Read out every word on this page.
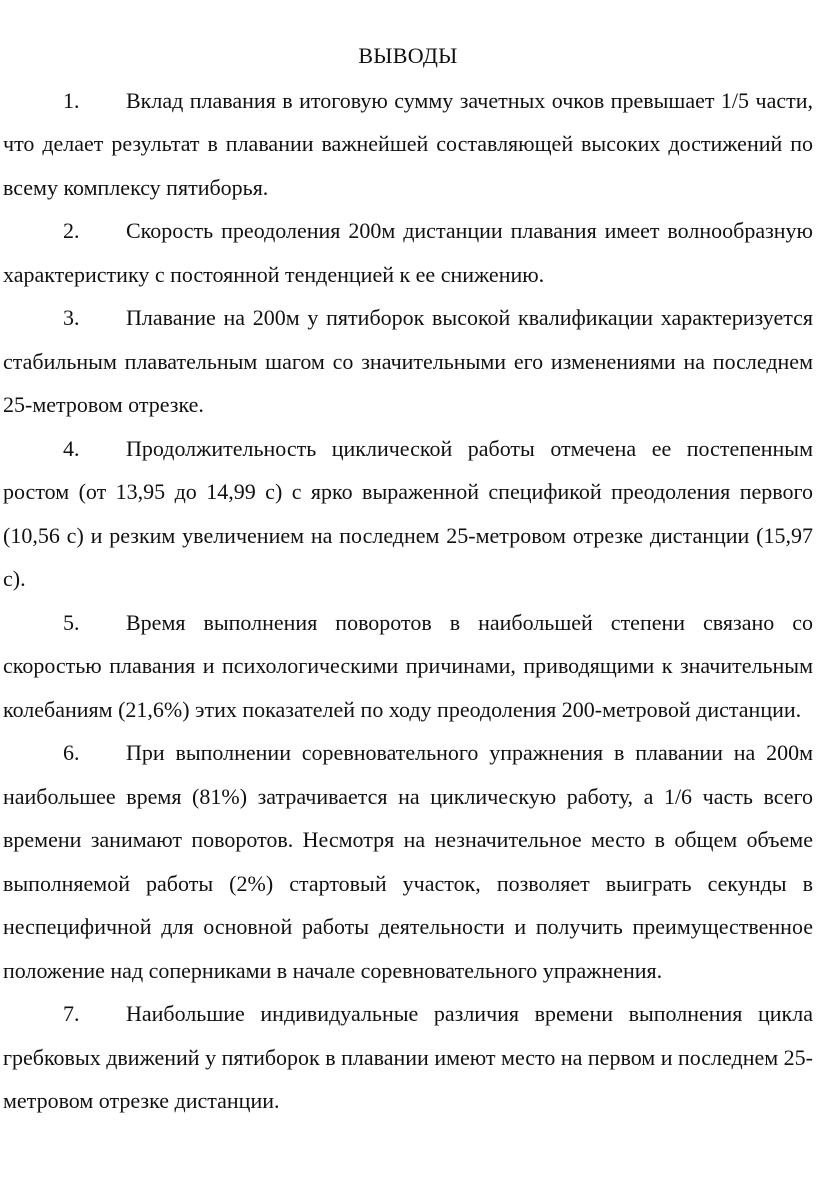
ВЫВОДЫ

1. Вклад плавания в итоговую сумму зачетных очков превышает 1/5 части, что делает результат в плавании важнейшей составляющей высоких достижений по всему комплексу пятиборья.

2. Скорость преодоления 200м дистанции плавания имеет волнообразную характеристику с постоянной тенденцией к ее снижению.

3. Плавание на 200м у пятиборок высокой квалификации характеризуется стабильным плавательным шагом со значительными его изменениями на последнем 25-метровом отрезке.

4. Продолжительность циклической работы отмечена ее постепенным ростом (от 13,95 до 14,99 с) с ярко выраженной спецификой преодоления первого (10,56 с) и резким увеличением на последнем 25-метровом отрезке дистанции (15,97 с).

5. Время выполнения поворотов в наибольшей степени связано со скоростью плавания и психологическими причинами, приводящими к значительным колебаниям (21,6%) этих показателей по ходу преодоления 200-метровой дистанции.

6. При выполнении соревновательного упражнения в плавании на 200м наибольшее время (81%) затрачивается на циклическую работу, а 1/6 часть всего времени занимают поворотов. Несмотря на незначительное место в общем объеме выполняемой работы (2%) стартовый участок, позволяет выиграть секунды в неспецифичной для основной работы деятельности и получить преимущественное положение над соперниками в начале соревновательного упражнения.

7. Наибольшие индивидуальные различия времени выполнения цикла гребковых движений у пятиборок в плавании имеют место на первом и последнем 25-метровом отрезке дистанции.
